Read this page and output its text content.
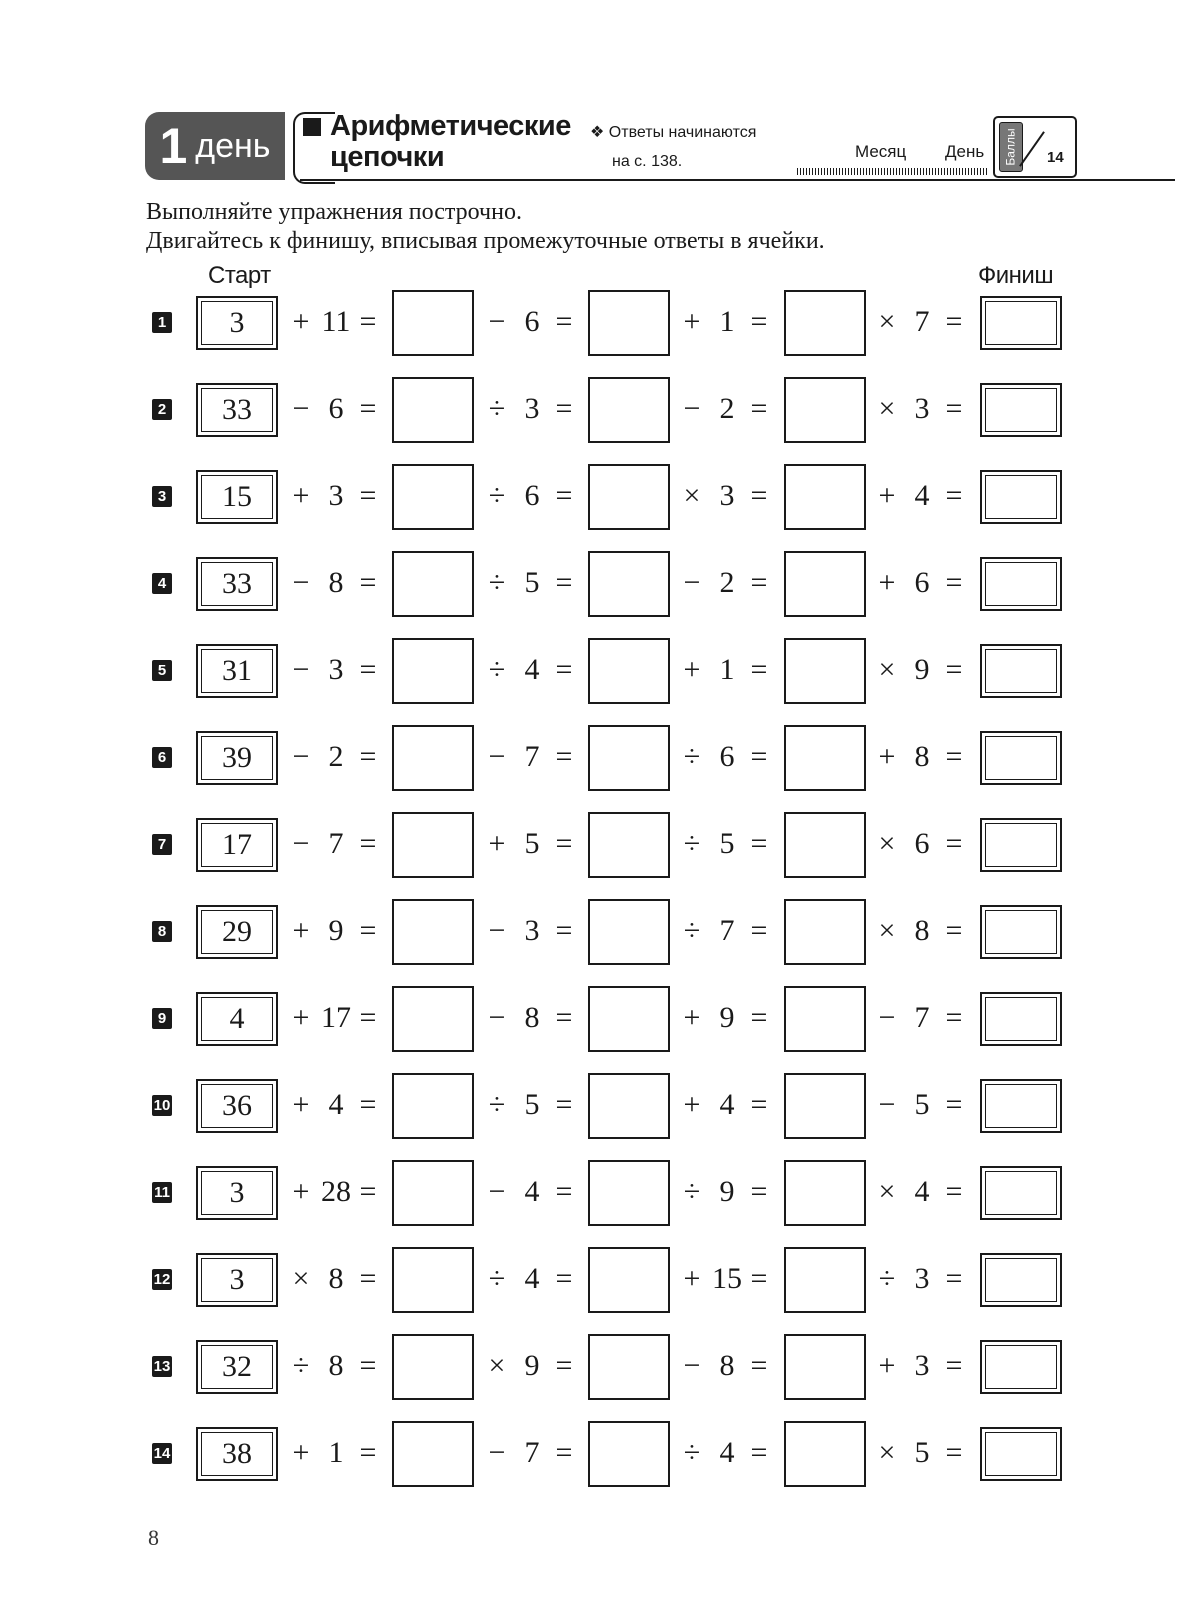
1 день
Арифметические
цепочки
❖ Ответы начинаются
на с. 138.
Месяц День Баллы 14
Выполняйте упражнения построчно.
Двигайтесь к финишу, вписывая промежуточные ответы в ячейки.
Старт	Финиш
1	3	+ 11 =	− 6 =	+ 1 =	× 7 =
2	33	− 6 =	÷ 3 =	− 2 =	× 3 =
3	15	+ 3 =	÷ 6 =	× 3 =	+ 4 =
4	33	− 8 =	÷ 5 =	− 2 =	+ 6 =
5	31	− 3 =	÷ 4 =	+ 1 =	× 9 =
6	39	− 2 =	− 7 =	÷ 6 =	+ 8 =
7	17	− 7 =	+ 5 =	÷ 5 =	× 6 =
8	29	+ 9 =	− 3 =	÷ 7 =	× 8 =
9	4	+ 17 =	− 8 =	+ 9 =	− 7 =
10	36	+ 4 =	÷ 5 =	+ 4 =	− 5 =
11	3	+ 28 =	− 4 =	÷ 9 =	× 4 =
12	3	× 8 =	÷ 4 =	+ 15 =	÷ 3 =
13	32	÷ 8 =	× 9 =	− 8 =	+ 3 =
14	38	+ 1 =	− 7 =	÷ 4 =	× 5 =
8
